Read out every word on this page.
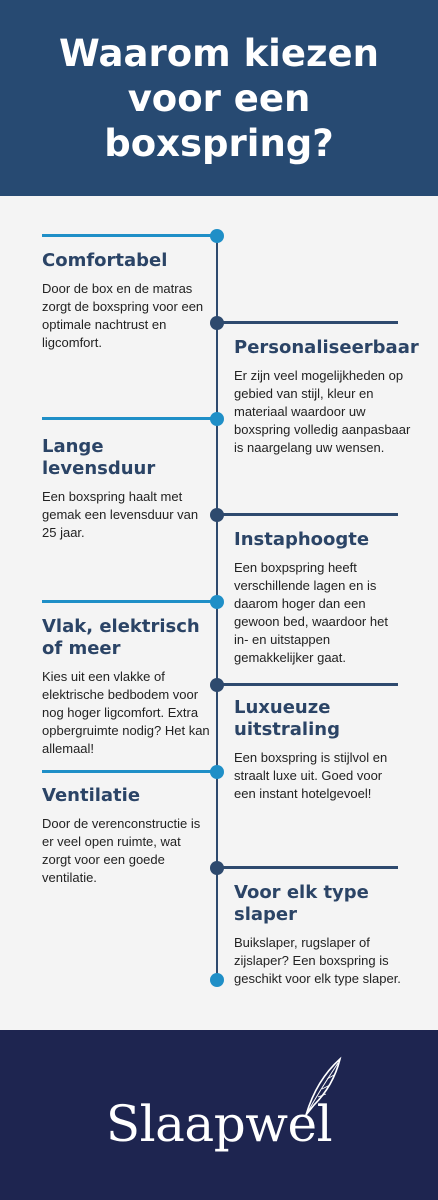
Waarom kiezen voor een boxspring?
Comfortabel

Door de box en de matras zorgt de boxspring voor een optimale nachtrust en ligcomfort.	Personaliseerbaar

Er zijn veel mogelijkheden op gebied van stijl, kleur en materiaal waardoor uw boxspring volledig aanpasbaar is naargelang uw wensen.

Lange levensduur

Een boxspring haalt met gemak een levensduur van 25 jaar.	Instaphoogte

Een boxpspring heeft verschillende lagen en is daarom hoger dan een gewoon bed, waardoor het in- en uitstappen gemakkelijker gaat.

Vlak, elektrisch of meer

Kies uit een vlakke of elektrische bedbodem voor nog hoger ligcomfort. Extra opbergruimte nodig? Het kan allemaal!

Luxueuze uitstraling

Een boxspring is stijlvol en straalt luxe uit. Goed voor een instant hotelgevoel!

Ventilatie

Door de verenconstructie is er veel open ruimte, wat zorgt voor een goede ventilatie.

Voor elk type slaper

Buikslaper, rugslaper of zijslaper? Een boxspring is geschikt voor elk type slaper.

Slaapwel
